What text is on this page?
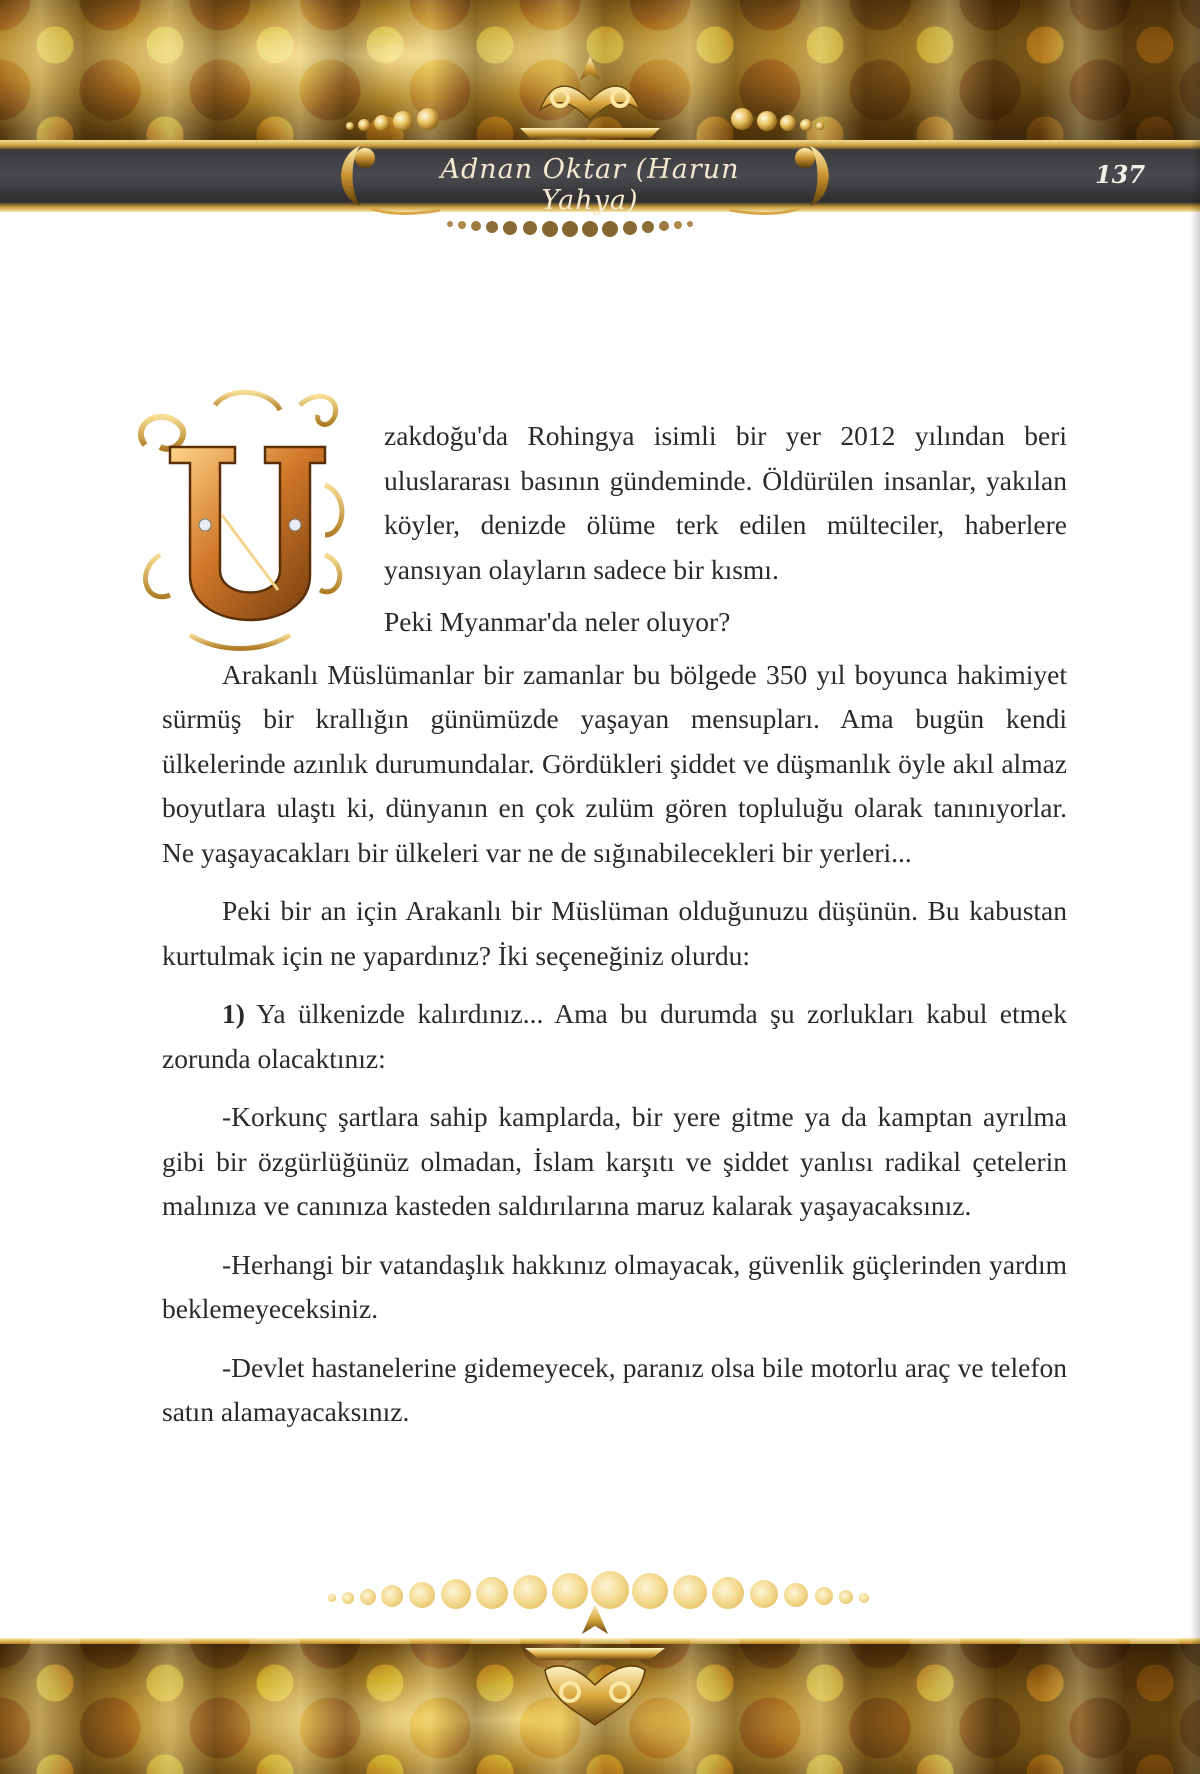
Adnan Oktar (Harun Yahya)
137

zakdoğu'da Rohingya isimli bir yer 2012 yılından beri uluslararası basının gündeminde. Öldürülen insanlar, yakılan köyler, denizde ölüme terk edilen mülteciler, haberlere yansıyan olayların sadece bir kısmı.

Peki Myanmar'da neler oluyor?

Arakanlı Müslümanlar bir zamanlar bu bölgede 350 yıl boyunca hakimiyet sürmüş bir krallığın günümüzde yaşayan mensupları. Ama bugün kendi ülkelerinde azınlık durumundalar. Gördükleri şiddet ve düşmanlık öyle akıl almaz boyutlara ulaştı ki, dünyanın en çok zulüm gören topluluğu olarak tanınıyorlar. Ne yaşayacakları bir ülkeleri var ne de sığınabilecekleri bir yerleri...

Peki bir an için Arakanlı bir Müslüman olduğunuzu düşünün. Bu kabustan kurtulmak için ne yapardınız? İki seçeneğiniz olurdu:

1) Ya ülkenizde kalırdınız... Ama bu durumda şu zorlukları kabul etmek zorunda olacaktınız:

-Korkunç şartlara sahip kamplarda, bir yere gitme ya da kamptan ayrılma gibi bir özgürlüğünüz olmadan, İslam karşıtı ve şiddet yanlısı radikal çetelerin malınıza ve canınıza kasteden saldırılarına maruz kalarak yaşayacaksınız.

-Herhangi bir vatandaşlık hakkınız olmayacak, güvenlik güçlerinden yardım beklemeyeceksiniz.

-Devlet hastanelerine gidemeyecek, paranız olsa bile motorlu araç ve telefon satın alamayacaksınız.
